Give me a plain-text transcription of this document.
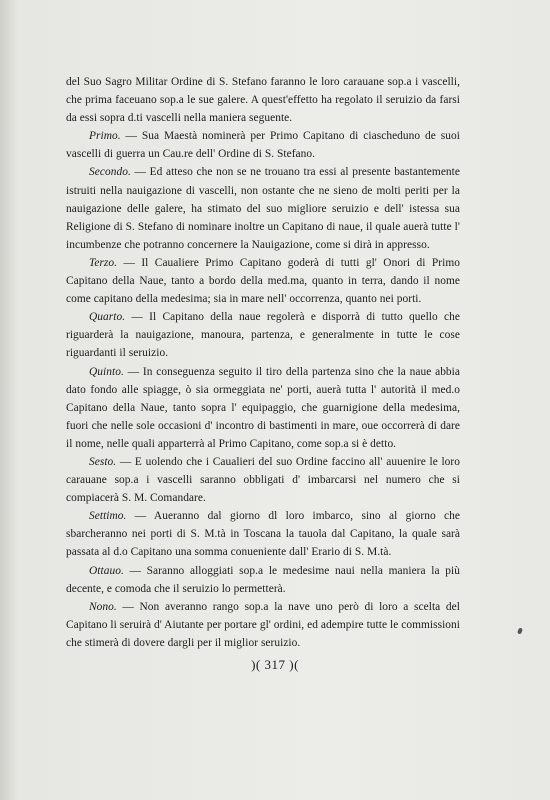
del Suo Sagro Militar Ordine di S. Stefano faranno le loro carauane sop.a i vascelli, che prima faceuano sop.a le sue galere. A quest'effetto ha regolato il seruizio da farsi da essi sopra d.ti vascelli nella maniera seguente.

Primo. — Sua Maestà nominerà per Primo Capitano di ciascheduno de suoi vascelli di guerra un Cau.re dell' Ordine di S. Stefano.

Secondo. — Ed atteso che non se ne trouano tra essi al presente bastantemente istruiti nella nauigazione di vascelli, non ostante che ne sieno de molti periti per la nauigazione delle galere, ha stimato del suo migliore seruizio e dell' istessa sua Religione di S. Stefano di nominare inoltre un Capitano di naue, il quale auerà tutte l' incumbenze che potranno concernere la Nauigazione, come si dirà in appresso.

Terzo. — Il Caualiere Primo Capitano goderà di tutti gl' Onori di Primo Capitano della Naue, tanto a bordo della med.ma, quanto in terra, dando il nome come capitano della medesima; sia in mare nell' occorrenza, quanto nei porti.

Quarto. — Il Capitano della naue regolerà e disporrà di tutto quello che riguarderà la nauigazione, manoura, partenza, e generalmente in tutte le cose riguardanti il seruizio.

Quinto. — In conseguenza seguito il tiro della partenza sino che la naue abbia dato fondo alle spiagge, ò sia ormeggiata ne' porti, auerà tutta l' autorità il med.o Capitano della Naue, tanto sopra l' equipaggio, che guarnigione della medesima, fuori che nelle sole occasioni d' incontro di bastimenti in mare, oue occorrerà di dare il nome, nelle quali apparterrà al Primo Capitano, come sop.a si è detto.

Sesto. — E uolendo che i Caualieri del suo Ordine faccino all' auuenire le loro carauane sop.a i vascelli saranno obbligati d' imbarcarsi nel numero che si compiacerà S. M. Comandare.

Settimo. — Aueranno dal giorno dl loro imbarco, sino al giorno che sbarcheranno nei porti di S. M.tà in Toscana la tauola dal Capitano, la quale sarà passata al d.o Capitano una somma conueniente dall' Erario di S. M.tà.

Ottauo. — Saranno alloggiati sop.a le medesime naui nella maniera la più decente, e comoda che il seruizio lo permetterà.

Nono. — Non averanno rango sop.a la nave uno però di loro a scelta del Capitano li seruirà d' Aiutante per portare gl' ordini, ed adempire tutte le commissioni che stimerà di dovere dargli per il miglior seruizio.

)( 317 )(
